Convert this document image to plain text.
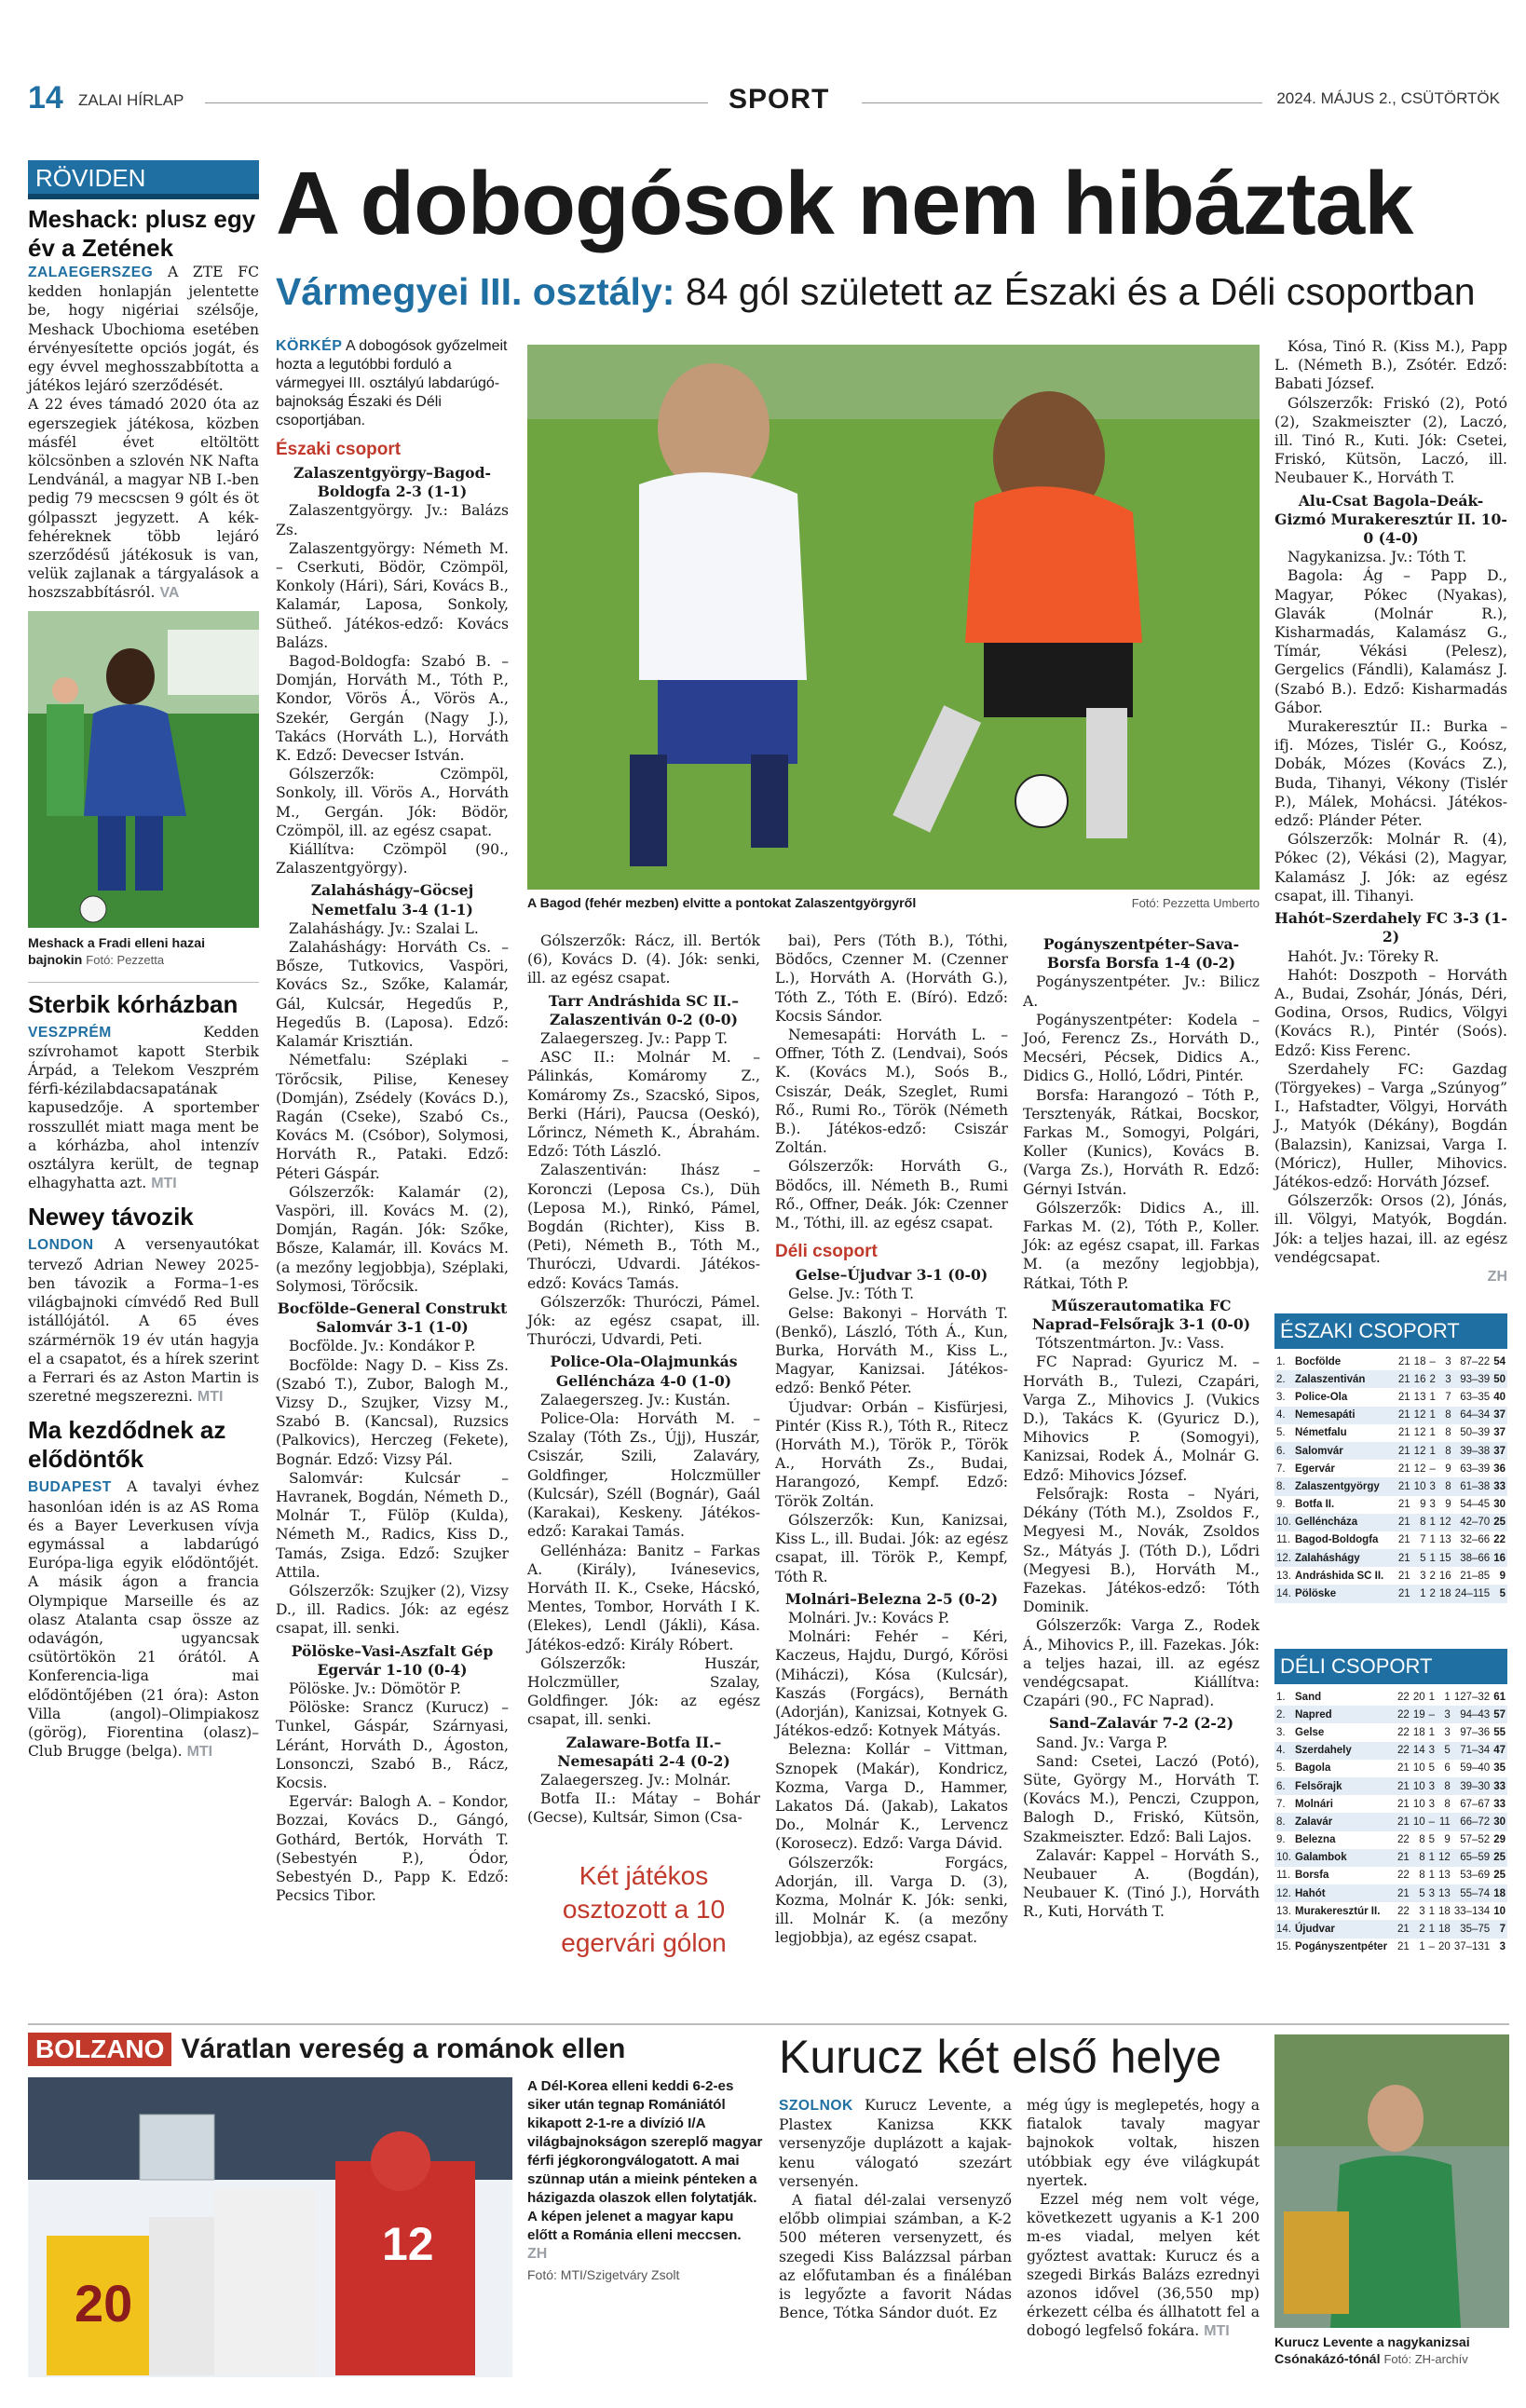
14 ZALAI HÍRLAP	SPORT	2024. MÁJUS 2., CSÜTÖRTÖK
RÖVIDEN
Meshack: plusz egy év a Zetének

ZALAEGERSZEG A ZTE FC kedden honlapján jelentette be, hogy nigériai szélsője, Meshack Ubochioma esetében érvényesítette opciós jogát, és egy évvel meghosszabbította a játékos lejáró szerződését.

A 22 éves támadó 2020 óta az egerszegiek játékosa, közben másfél évet eltöltött kölcsönben a szlovén NK Nafta Lendvánál, a magyar NB I.-ben pedig 79 mecscsen 9 gólt és öt gólpasszt jegyzett. A kék-fehéreknek több lejáró szerződésű játékosuk is van, velük zajlanak a tárgyalások a hoszszabbításról. VA

Meshack a Fradi elleni hazai bajnokin Fotó: Pezzetta
Sterbik kórházban

VESZPRÉM	Kedden szívrohamot kapott Sterbik Árpád, a Telekom Veszprém férfi-kézilabdacsapatának kapusedzője. A sportember rosszullét miatt maga ment be a kórházba, ahol intenzív osztályra került, de tegnap elhagyhatta azt. MTI

Newey távozik

LONDON A versenyautókat tervező Adrian Newey 2025-ben távozik a Forma–1-es világbajnoki címvédő Red Bull istállójától. A 65 éves szármérnök 19 év után hagyja el a csapatot, és a hírek szerint a Ferrari és az Aston Martin is szeretné megszerezni. MTI

Ma kezdődnek az elődöntők

BUDAPEST A tavalyi évhez hasonlóan idén is az AS Roma és a Bayer Leverkusen vívja egymással a labdarúgó Európa-liga egyik elődöntőjét. A másik ágon a francia Olympique Marseille és az olasz Atalanta csap össze az odavágón, ugyancsak csütörtökön 21 órától. A Konferencia-liga mai elődöntőjében (21 óra): Aston Villa (angol)–Olimpiakosz (görög), Fiorentina (olasz)–Club Brugge (belga). MTI

A dobogósok nem hibáztak
Vármegyei III. osztály: 84 gól született az Északi és a Déli csoportban

KÖRKÉP A dobogósok győzelmeit hozta a legutóbbi forduló a vármegyei III. osztályú labdarúgó-bajnokság Északi és Déli csoportjában.

Északi csoport
Zalaszentgyörgy–Bagod-Boldogfa 2-3 (1-1)

Zalaszentgyörgy. Jv.: Balázs Zs.

Zalaszentgyörgy: Németh M. – Cserkuti, Bödör, Czömpöl, Konkoly (Hári), Sári, Kovács B., Kalamár, Laposa, Sonkoly, Sütheő. Játékos-edző: Kovács Balázs.

Bagod-Boldogfa: Szabó B. – Domján, Horváth M., Tóth P., Kondor, Vörös Á., Vörös A., Szekér, Gergán (Nagy J.), Takács (Horváth L.), Horváth K. Edző: Devecser István.

Gólszerzők: Czömpöl, Sonkoly, ill. Vörös A., Horváth M., Gergán. Jók: Bödör, Czömpöl, ill. az egész csapat.

Kiállítva: Czömpöl (90., Zalaszentgyörgy).

Zalaháshágy–Göcsej Nemetfalu 3-4 (1-1)

Zalaháshágy. Jv.: Szalai L.

Zalaháshágy: Horváth Cs. – Bősze, Tutkovics, Vaspöri, Kovács Sz., Szőke, Kalamár, Gál, Kulcsár, Hegedűs P., Hegedűs B. (Laposa). Edző: Kalamár Krisztián.

Németfalu: Széplaki – Törőcsik, Pilise, Kenesey (Domján), Zsédely (Kovács D.), Ragán (Cseke), Szabó Cs., Kovács M. (Csóbor), Solymosi, Horváth R., Pataki. Edző: Péteri Gáspár.

Gólszerzők: Kalamár (2), Vaspöri, ill. Kovács M. (2), Domján, Ragán. Jók: Szőke, Bősze, Kalamár, ill. Kovács M. (a mezőny legjobbja), Széplaki, Solymosi, Törőcsik.

Bocfölde–General Construkt Salomvár 3-1 (1-0)

Bocfölde. Jv.: Kondákor P.

Bocfölde: Nagy D. – Kiss Zs. (Szabó T.), Zubor, Balogh M., Vizsy D., Szujker, Vizsy M., Szabó B. (Kancsal), Ruzsics (Palkovics), Herczeg (Fekete), Bognár. Edző: Vizsy Pál.

Salomvár: Kulcsár – Havranek, Bogdán, Németh D., Molnár T., Fülöp (Kulda), Németh M., Radics, Kiss D., Tamás, Zsiga. Edző: Szujker Attila.

Gólszerzők: Szujker (2), Vizsy D., ill. Radics. Jók: az egész csapat, ill. senki.

Pölöske–Vasi-Aszfalt Gép Egervár 1-10 (0-4)

Pölöske. Jv.: Dömötör P.

Pölöske: Srancz (Kurucz) – Tunkel, Gáspár, Szárnyasi, Léránt, Horváth D., Ágoston, Lonsonczi, Szabó B., Rácz, Kocsis.

Egervár: Balogh A. – Kondor, Bozzai, Kovács D., Gángó, Gothárd, Bertók, Horváth T. (Sebestyén P.), Ódor, Sebestyén D., Papp K. Edző: Pecsics Tibor.

A Bagod (fehér mezben) elvitte a pontokat Zalaszentgyörgyről	Fotó: Pezzetta Umberto

Gólszerzők: Rácz, ill. Bertók (6), Kovács D. (4). Jók: senki, ill. az egész csapat.

Tarr Andráshida SC II.–Zalaszentiván 0-2 (0-0)

Zalaegerszeg. Jv.: Papp T.

ASC II.: Molnár M. – Pálinkás, Komáromy Z., Komáromy Zs., Szacskó, Sipos, Berki (Hári), Paucsa (Oeskó), Lőrincz, Németh K., Ábrahám. Edző: Tóth László.

Zalaszentiván: Ihász – Koronczi (Leposa Cs.), Düh (Leposa M.), Rinkó, Pámel, Bogdán (Richter), Kiss B. (Peti), Németh B., Tóth M., Thuróczi, Udvardi. Játékos-edző: Kovács Tamás.

Gólszerzők: Thuróczi, Pámel. Jók: az egész csapat, ill. Thuróczi, Udvardi, Peti.

Police-Ola–Olajmunkás Gelléncháza 4-0 (1-0)

Zalaegerszeg. Jv.: Kustán.

Police-Ola: Horváth M. – Szalay (Tóth Zs., Újj), Huszár, Csiszár, Szili, Zalaváry, Goldfinger, Holczmüller (Kulcsár), Széll (Bognár), Gaál (Karakai), Keskeny. Játékos-edző: Karakai Tamás.

Gellénháza: Banitz – Farkas A. (Király), Ivánesevics, Horváth II. K., Cseke, Hácskó, Mentes, Tombor, Horváth I K. (Elekes), Lendl (Jákli), Kása. Játékos-edző: Király Róbert.

Gólszerzők: Huszár, Holczmüller, Szalay, Goldfinger. Jók: az egész csapat, ill. senki.

Zalaware-Botfa II.–Nemesapáti 2-4 (0-2)

Zalaegerszeg. Jv.: Molnár.

Botfa II.: Mátay – Bohár (Gecse), Kultsár, Simon (Csa-

Két játékos osztozott a 10 egervári gólon

bai), Pers (Tóth B.), Tóthi, Bödőcs, Czenner M. (Czenner L.), Horváth A. (Horváth G.), Tóth Z., Tóth E. (Bíró). Edző: Kocsis Sándor.

Nemesapáti: Horváth L. – Offner, Tóth Z. (Lendvai), Soós K. (Kovács M.), Soós B., Csiszár, Deák, Szeglet, Rumi Rő., Rumi Ro., Török (Németh B.). Játékos-edző: Csiszár Zoltán.

Gólszerzők: Horváth G., Bödőcs, ill. Németh B., Rumi Rő., Offner, Deák. Jók: Czenner M., Tóthi, ill. az egész csapat.

Déli csoport
Gelse–Újudvar 3-1 (0-0)

Gelse. Jv.: Tóth T.

Gelse: Bakonyi – Horváth T. (Benkő), László, Tóth Á., Kun, Burka, Horváth M., Kiss L., Magyar, Kanizsai. Játékos-edző: Benkő Péter.

Újudvar: Orbán – Kisfürjesi, Pintér (Kiss R.), Tóth R., Ritecz (Horváth M.), Török P., Török A., Horváth Zs., Budai, Harangozó, Kempf. Edző: Török Zoltán.

Gólszerzők: Kun, Kanizsai, Kiss L., ill. Budai. Jók: az egész csapat, ill. Török P., Kempf, Tóth R.

Molnári–Belezna 2-5 (0-2)

Molnári. Jv.: Kovács P.

Molnári: Fehér – Kéri, Kaczeus, Hajdu, Durgó, Kőrösi (Miháczi), Kósa (Kulcsár), Kaszás (Forgács), Bernáth (Adorján), Kanizsai, Kotnyek G. Játékos-edző: Kotnyek Mátyás.

Belezna: Kollár – Vittman, Sznopek (Makár), Kondricz, Kozma, Varga D., Hammer, Lakatos Dá. (Jakab), Lakatos Do., Molnár K., Lervencz (Korosecz). Edző: Varga Dávid.

Gólszerzők: Forgács, Adorján, ill. Varga D. (3), Kozma, Molnár K. Jók: senki, ill. Molnár K. (a mezőny legjobbja), az egész csapat.

Pogányszentpéter–Sava-Borsfa Borsfa 1-4 (0-2)

Pogányszentpéter. Jv.: Bilicz A.

Pogányszentpéter: Kodela – Joó, Ferencz Zs., Horváth D., Mecséri, Pécsek, Didics A., Didics G., Holló, Lődri, Pintér.

Borsfa: Harangozó – Tóth P., Tersztenyák, Rátkai, Bocskor, Farkas M., Somogyi, Polgári, Koller (Kunics), Kovács B. (Varga Zs.), Horváth R. Edző: Gérnyi István.

Gólszerzők: Didics A., ill. Farkas M. (2), Tóth P., Koller. Jók: az egész csapat, ill. Farkas M. (a mezőny legjobbja), Rátkai, Tóth P.

Műszerautomatika FC Naprad–Felsőrajk 3-1 (0-0)

Tótszentmárton. Jv.: Vass.

FC Naprad: Gyuricz M. – Horváth B., Tulezi, Czapári, Varga Z., Mihovics J. (Vukics D.), Takács K. (Gyuricz D.), Mihovics P. (Somogyi), Kanizsai, Rodek Á., Molnár G. Edző: Mihovics József.

Felsőrajk: Rosta – Nyári, Dékány (Tóth M.), Zsoldos F., Megyesi M., Novák, Zsoldos Sz., Mátyás J. (Tóth D.), Lődri (Megyesi B.), Horváth M., Fazekas. Játékos-edző: Tóth Dominik.

Gólszerzők: Varga Z., Rodek Á., Mihovics P., ill. Fazekas. Jók: a teljes hazai, ill. az egész vendégcsapat. Kiállítva: Czapári (90., FC Naprad).

Sand–Zalavár 7-2 (2-2)

Sand. Jv.: Varga P.

Sand: Csetei, Laczó (Potó), Süte, György M., Horváth T. (Kovács M.), Penczi, Czuppon, Balogh D., Friskó, Kütsön, Szakmeiszter. Edző: Bali Lajos.

Zalavár: Kappel – Horváth S., Neubauer A. (Bogdán), Neubauer K. (Tinó J.), Horváth R., Kuti, Horváth T.

Kósa, Tinó R. (Kiss M.), Papp L. (Németh B.), Zsótér. Edző: Babati József.

Gólszerzők: Friskó (2), Potó (2), Szakmeiszter (2), Laczó, ill. Tinó R., Kuti. Jók: Csetei, Friskó, Kütsön, Laczó, ill. Neubauer K., Horváth T.

Alu-Csat Bagola–Deák-Gizmó Murakeresztúr II. 10-0 (4-0)

Nagykanizsa. Jv.: Tóth T.

Bagola: Ág – Papp D., Magyar, Pókec (Nyakas), Glavák (Molnár R.), Kisharmadás, Kalamász G., Tímár, Vékási (Pelesz), Gergelics (Fándli), Kalamász J. (Szabó B.). Edző: Kisharmadás Gábor.

Murakeresztúr II.: Burka – ifj. Mózes, Tislér G., Koósz, Dobák, Mózes (Kovács Z.), Buda, Tihanyi, Vékony (Tislér P.), Málek, Mohácsi. Játékos-edző: Plánder Péter.

Gólszerzők: Molnár R. (4), Pókec (2), Vékási (2), Magyar, Kalamász J. Jók: az egész csapat, ill. Tihanyi.

Hahót–Szerdahely FC 3-3 (1-2)

Hahót. Jv.: Töreky R.

Hahót: Doszpoth – Horváth A., Budai, Zsohár, Jónás, Déri, Godina, Orsos, Rudics, Völgyi (Kovács R.), Pintér (Soós). Edző: Kiss Ferenc.

Szerdahely FC: Gazdag (Törgyekes) – Varga „Szúnyog” I., Hafstadter, Völgyi, Horváth J., Matyók (Dékány), Bogdán (Balazsin), Kanizsai, Varga I. (Móricz), Huller, Mihovics. Játékos-edző: Horváth József.

Gólszerzők: Orsos (2), Jónás, ill. Völgyi, Matyók, Bogdán. Jók: a teljes hazai, ill. az egész vendégcsapat.

ZH
ÉSZAKI CSOPORT
1.	Bocfölde	21	18	–	3	87–22	54
2.	Zalaszentiván	21	16	2	3	93–39	50
3.	Police-Ola	21	13	1	7	63–35	40
4.	Nemesapáti	21	12	1	8	64–34	37
5.	Németfalu	21	12	1	8	50–39	37
6.	Salomvár	21	12	1	8	39–38	37
7.	Egervár	21	12	–	9	63–39	36
8.	Zalaszentgyörgy	21	10	3	8	61–38	33
9.	Botfa II.	21	9	3	9	54–45	30
10.	Gelléncháza	21	8	1	12	42–70	25
11.	Bagod-Boldogfa	21	7	1	13	32–66	22
12.	Zalaháshágy	21	5	1	15	38–66	16
13.	Andráshida SC II.	21	3	2	16	21–85	9
14.	Pölöske	21	1	2	18	24–115	5
DÉLI CSOPORT
1.	Sand	22	20	1	1	127–32	61
2.	Napred	22	19	–	3	94–43	57
3.	Gelse	22	18	1	3	97–36	55
4.	Szerdahely	22	14	3	5	71–34	47
5.	Bagola	21	10	5	6	59–40	35
6.	Felsőrajk	21	10	3	8	39–30	33
7.	Molnári	21	10	3	8	67–67	33
8.	Zalavár	21	10	–	11	66–72	30
9.	Belezna	22	8	5	9	57–52	29
10.	Galambok	21	8	1	12	65–59	25
11.	Borsfa	22	8	1	13	53–69	25
12.	Hahót	21	5	3	13	55–74	18
13.	Murakeresztúr II.	22	3	1	18	33–134	10
14.	Újudvar	21	2	1	18	35–75	7
15.	Pogányszentpéter	21	1	–	20	37–131	3
BOLZANO Váratlan vereség a románok ellen
20
12

A Dél-Korea elleni keddi 6-2-es siker után tegnap Romániától kikapott 2-1-re a divízió I/A világbajnokságon szereplő magyar férfi jégkorongválogatott. A mai szünnap után a mieink pénteken a házigazda olaszok ellen folytatják. A képen jelenet a magyar kapu előtt a Románia elleni meccsen. ZH

Fotó: MTI/Szigetváry Zsolt
Kurucz két első helye

SZOLNOK Kurucz Levente, a Plastex Kanizsa KKK versenyzője duplázott a kajak-kenu válogató szezárt versenyén.

A fiatal dél-zalai versenyző előbb olimpiai számban, a K-2 500 méteren versenyzett, és szegedi Kiss Balázzsal párban az előfutamban és a fináléban is legyőzte a favorit Nádas Bence, Tótka Sándor duót. Ez

még úgy is meglepetés, hogy a fiatalok tavaly magyar bajnokok voltak, hiszen utóbbiak egy éve világkupát nyertek.

Ezzel még nem volt vége, következett ugyanis a K-1 200 m-es viadal, melyen két győztest avattak: Kurucz és a szegedi Birkás Balázs ezrednyi azonos idővel (36,550 mp) érkezett célba és állhatott fel a dobogó legfelső fokára. MTI

Kurucz Levente a nagykanizsai Csónakázó-tónál Fotó: ZH-archív
